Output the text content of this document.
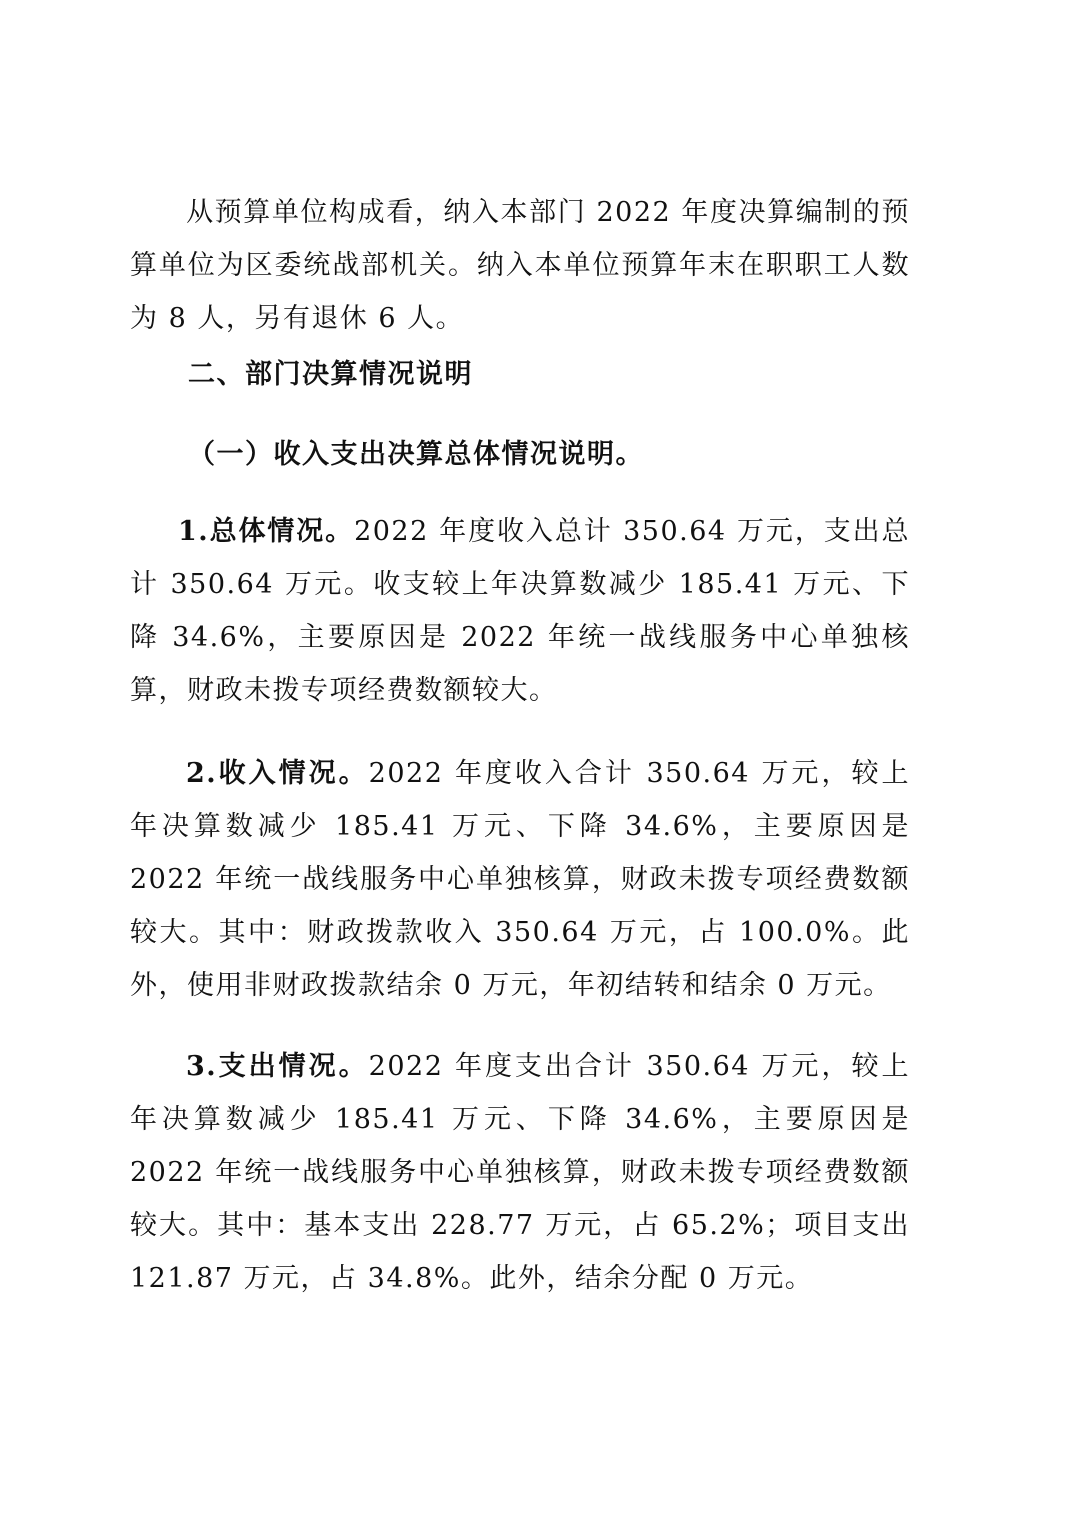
从预算单位构成看，纳入本部门 2022 年度决算编制的预算单位为区委统战部机关。纳入本单位预算年末在职职工人数为 8 人，另有退休 6 人。

二、部门决算情况说明
（一）收入支出决算总体情况说明。

1.总体情况。2022 年度收入总计 350.64 万元，支出总计 350.64 万元。收支较上年决算数减少 185.41 万元、下降 34.6%，主要原因是 2022 年统一战线服务中心单独核算，财政未拨专项经费数额较大。

2.收入情况。2022 年度收入合计 350.64 万元，较上年决算数减少 185.41 万元、下降 34.6%，主要原因是 2022 年统一战线服务中心单独核算，财政未拨专项经费数额较大。其中：财政拨款收入 350.64 万元，占 100.0%。此外，使用非财政拨款结余 0 万元，年初结转和结余 0 万元。

3.支出情况。2022 年度支出合计 350.64 万元，较上年决算数减少 185.41 万元、下降 34.6%，主要原因是 2022 年统一战线服务中心单独核算，财政未拨专项经费数额较大。其中：基本支出 228.77 万元，占 65.2%；项目支出 121.87 万元，占 34.8%。此外，结余分配 0 万元。
